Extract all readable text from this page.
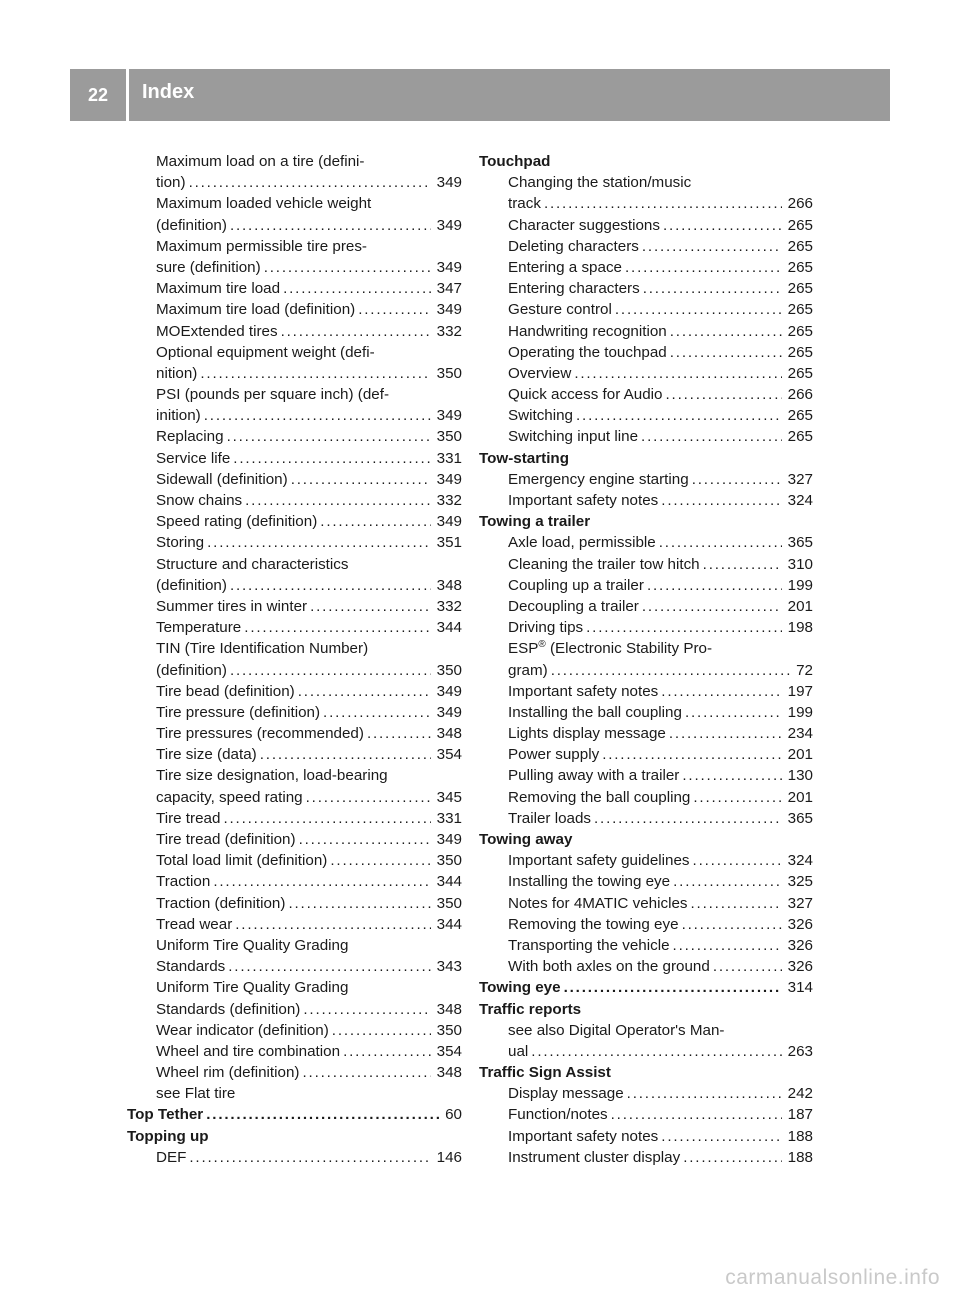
22	Index
Maximum load on a tire (defini-
tion) . . .	349
Maximum loaded vehicle weight
(definition) . . .	349
Maximum permissible tire pres-
sure (definition) . . .	349
Maximum tire load . . .	347
Maximum tire load (definition) . . .	349
MOExtended tires . . .	332
Optional equipment weight (defi-
nition) . . .	350
PSI (pounds per square inch) (def-
inition) . . .	349
Replacing . . .	350
Service life . . .	331
Sidewall (definition) . . .	349
Snow chains . . .	332
Speed rating (definition) . . .	349
Storing . . .	351
Structure and characteristics
(definition) . . .	348
Summer tires in winter . . .	332
Temperature . . .	344
TIN (Tire Identification Number)
(definition) . . .	350
Tire bead (definition) . . .	349
Tire pressure (definition) . . .	349
Tire pressures (recommended) . . .	348
Tire size (data) . . .	354
Tire size designation, load-bearing
capacity, speed rating . . .	345
Tire tread . . .	331
Tire tread (definition) . . .	349
Total load limit (definition) . . .	350
Traction . . .	344
Traction (definition) . . .	350
Tread wear . . .	344
Uniform Tire Quality Grading
Standards . . .	343
Uniform Tire Quality Grading
Standards (definition) . . .	348
Wear indicator (definition) . . .	350
Wheel and tire combination . . .	354
Wheel rim (definition) . . .	348
see Flat tire
Top Tether . . .	60
Topping up
DEF . . .	146
Touchpad
Changing the station/music
track . . .	266
Character suggestions . . .	265
Deleting characters . . .	265
Entering a space . . .	265
Entering characters . . .	265
Gesture control . . .	265
Handwriting recognition . . .	265
Operating the touchpad . . .	265
Overview . . .	265
Quick access for Audio . . .	266
Switching . . .	265
Switching input line . . .	265
Tow-starting
Emergency engine starting . . .	327
Important safety notes . . .	324
Towing a trailer
Axle load, permissible . . .	365
Cleaning the trailer tow hitch . . .	310
Coupling up a trailer . . .	199
Decoupling a trailer . . .	201
Driving tips . . .	198
ESP® (Electronic Stability Pro-
gram) . . .	72
Important safety notes . . .	197
Installing the ball coupling . . .	199
Lights display message . . .	234
Power supply . . .	201
Pulling away with a trailer . . .	130
Removing the ball coupling . . .	201
Trailer loads . . .	365
Towing away
Important safety guidelines . . .	324
Installing the towing eye . . .	325
Notes for 4MATIC vehicles . . .	327
Removing the towing eye . . .	326
Transporting the vehicle . . .	326
With both axles on the ground . . .	326
Towing eye . . .	314
Traffic reports
see also Digital Operator's Man-
ual . . .	263
Traffic Sign Assist
Display message . . .	242
Function/notes . . .	187
Important safety notes . . .	188
Instrument cluster display . . .	188
carmanualsonline.info
